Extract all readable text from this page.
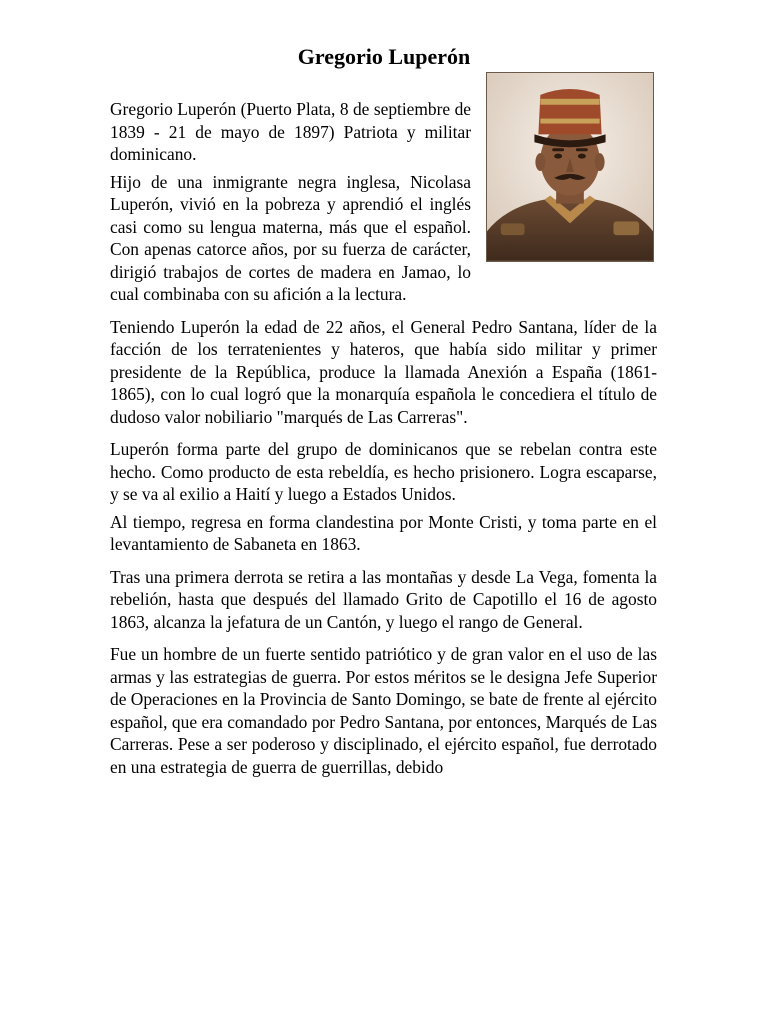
Gregorio Luperón

Gregorio Luperón (Puerto Plata, 8 de septiembre de 1839 - 21 de mayo de 1897) Patriota y militar dominicano.

Hijo de una inmigrante negra inglesa, Nicolasa Luperón, vivió en la pobreza y aprendió el inglés casi como su lengua materna, más que el español. Con apenas catorce años, por su fuerza de carácter, dirigió trabajos de cortes de madera en Jamao, lo cual combinaba con su afición a la lectura.

Teniendo Luperón la edad de 22 años, el General Pedro Santana, líder de la facción de los terratenientes y hateros, que había sido militar y primer presidente de la República, produce la llamada Anexión a España (1861-1865), con lo cual logró que la monarquía española le concediera el título de dudoso valor nobiliario "marqués de Las Carreras".

Luperón forma parte del grupo de dominicanos que se rebelan contra este hecho. Como producto de esta rebeldía, es hecho prisionero. Logra escaparse, y se va al exilio a Haití y luego a Estados Unidos.

Al tiempo, regresa en forma clandestina por Monte Cristi, y toma parte en el levantamiento de Sabaneta en 1863.

Tras una primera derrota se retira a las montañas y desde La Vega, fomenta la rebelión, hasta que después del llamado Grito de Capotillo el 16 de agosto 1863, alcanza la jefatura de un Cantón, y luego el rango de General.

Fue un hombre de un fuerte sentido patriótico y de gran valor en el uso de las armas y las estrategias de guerra. Por estos méritos se le designa Jefe Superior de Operaciones en la Provincia de Santo Domingo, se bate de frente al ejército español, que era comandado por Pedro Santana, por entonces, Marqués de Las Carreras. Pese a ser poderoso y disciplinado, el ejército español, fue derrotado en una estrategia de guerra de guerrillas, debido
